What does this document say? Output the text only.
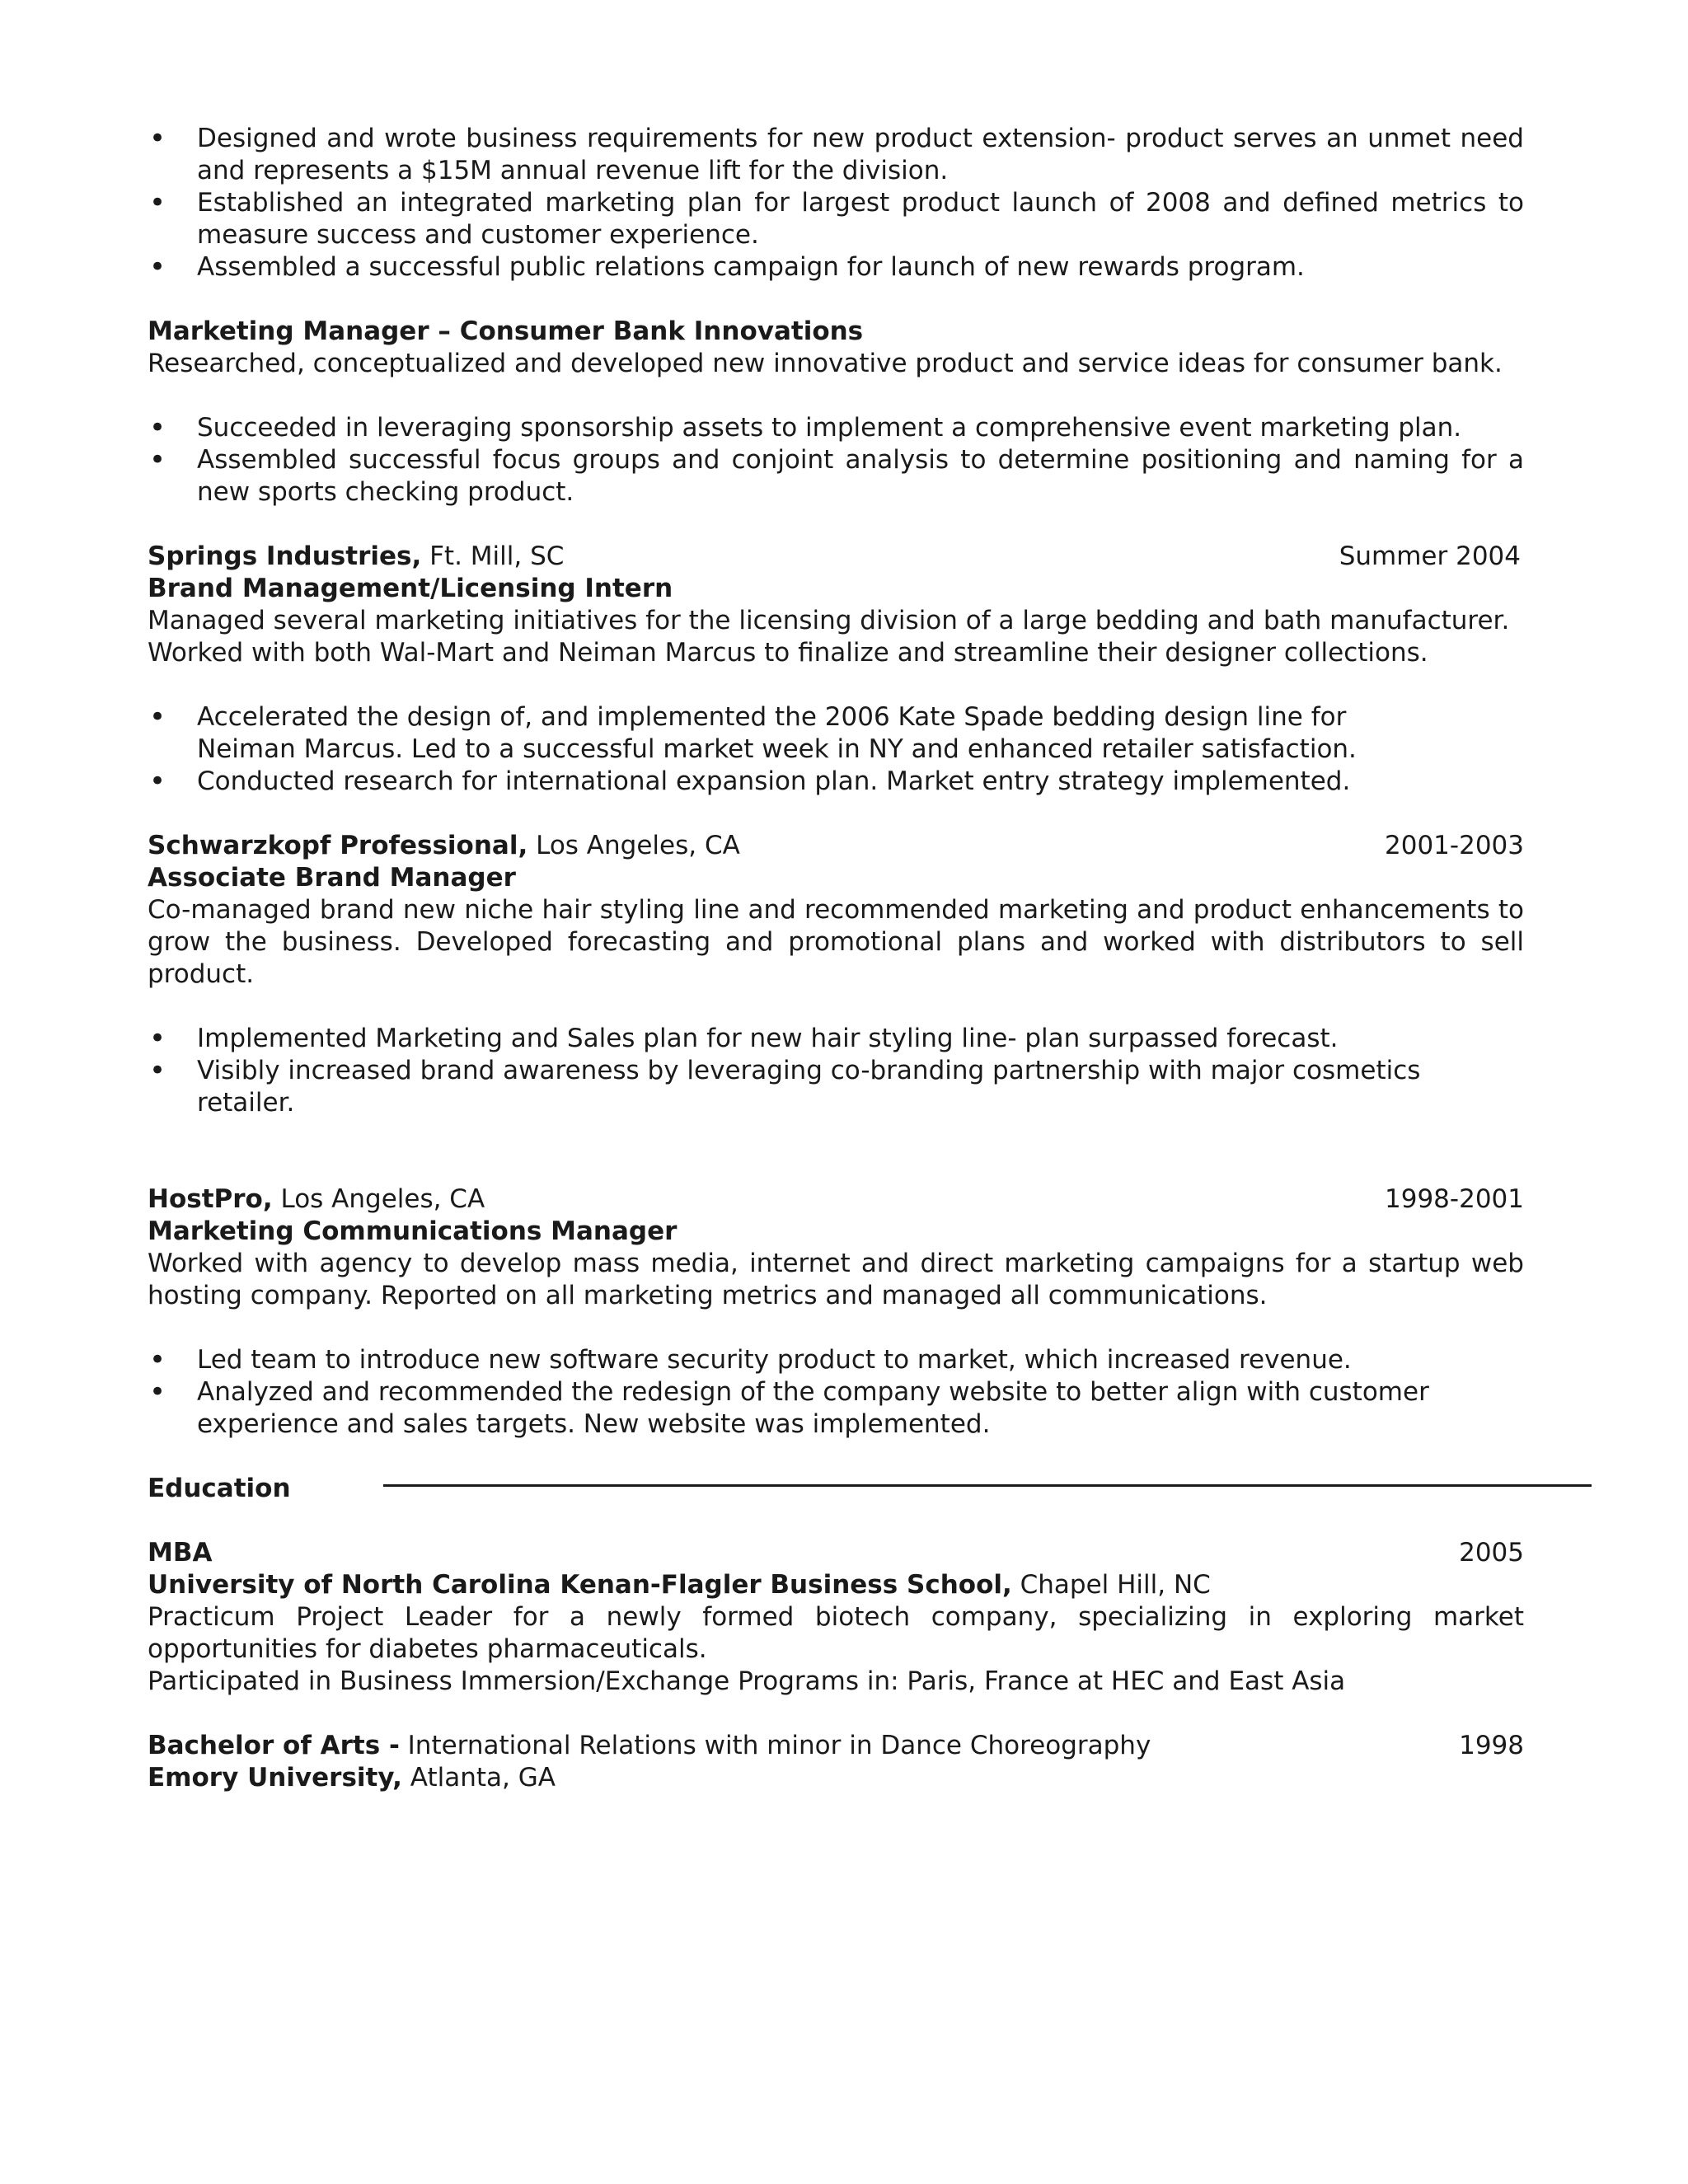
• Designed and wrote business requirements for new product extension- product serves an unmet need and represents a $15M annual revenue lift for the division.
• Established an integrated marketing plan for largest product launch of 2008 and defined metrics to measure success and customer experience.
• Assembled a successful public relations campaign for launch of new rewards program.
Marketing Manager – Consumer Bank Innovations
Researched, conceptualized and developed new innovative product and service ideas for consumer bank.
• Succeeded in leveraging sponsorship assets to implement a comprehensive event marketing plan.
• Assembled successful focus groups and conjoint analysis to determine positioning and naming for a new sports checking product.
Springs Industries, Ft. Mill, SC	Summer 2004
Brand Management/Licensing Intern
Managed several marketing initiatives for the licensing division of a large bedding and bath manufacturer.
Worked with both Wal-Mart and Neiman Marcus to finalize and streamline their designer collections.
• Accelerated the design of, and implemented the 2006 Kate Spade bedding design line for
Neiman Marcus. Led to a successful market week in NY and enhanced retailer satisfaction.
• Conducted research for international expansion plan. Market entry strategy implemented.
Schwarzkopf Professional, Los Angeles, CA	2001-2003
Associate Brand Manager
Co-managed brand new niche hair styling line and recommended marketing and product enhancements to grow the business. Developed forecasting and promotional plans and worked with distributors to sell product.
• Implemented Marketing and Sales plan for new hair styling line- plan surpassed forecast.
• Visibly increased brand awareness by leveraging co-branding partnership with major cosmetics retailer.
HostPro, Los Angeles, CA	1998-2001
Marketing Communications Manager
Worked with agency to develop mass media, internet and direct marketing campaigns for a startup web hosting company. Reported on all marketing metrics and managed all communications.
• Led team to introduce new software security product to market, which increased revenue.
• Analyzed and recommended the redesign of the company website to better align with customer
experience and sales targets. New website was implemented.
Education
MBA	2005
University of North Carolina Kenan-Flagler Business School, Chapel Hill, NC
Practicum Project Leader for a newly formed biotech company, specializing in exploring market opportunities for diabetes pharmaceuticals.
Participated in Business Immersion/Exchange Programs in: Paris, France at HEC and East Asia
Bachelor of Arts - International Relations with minor in Dance Choreography	1998
Emory University, Atlanta, GA
